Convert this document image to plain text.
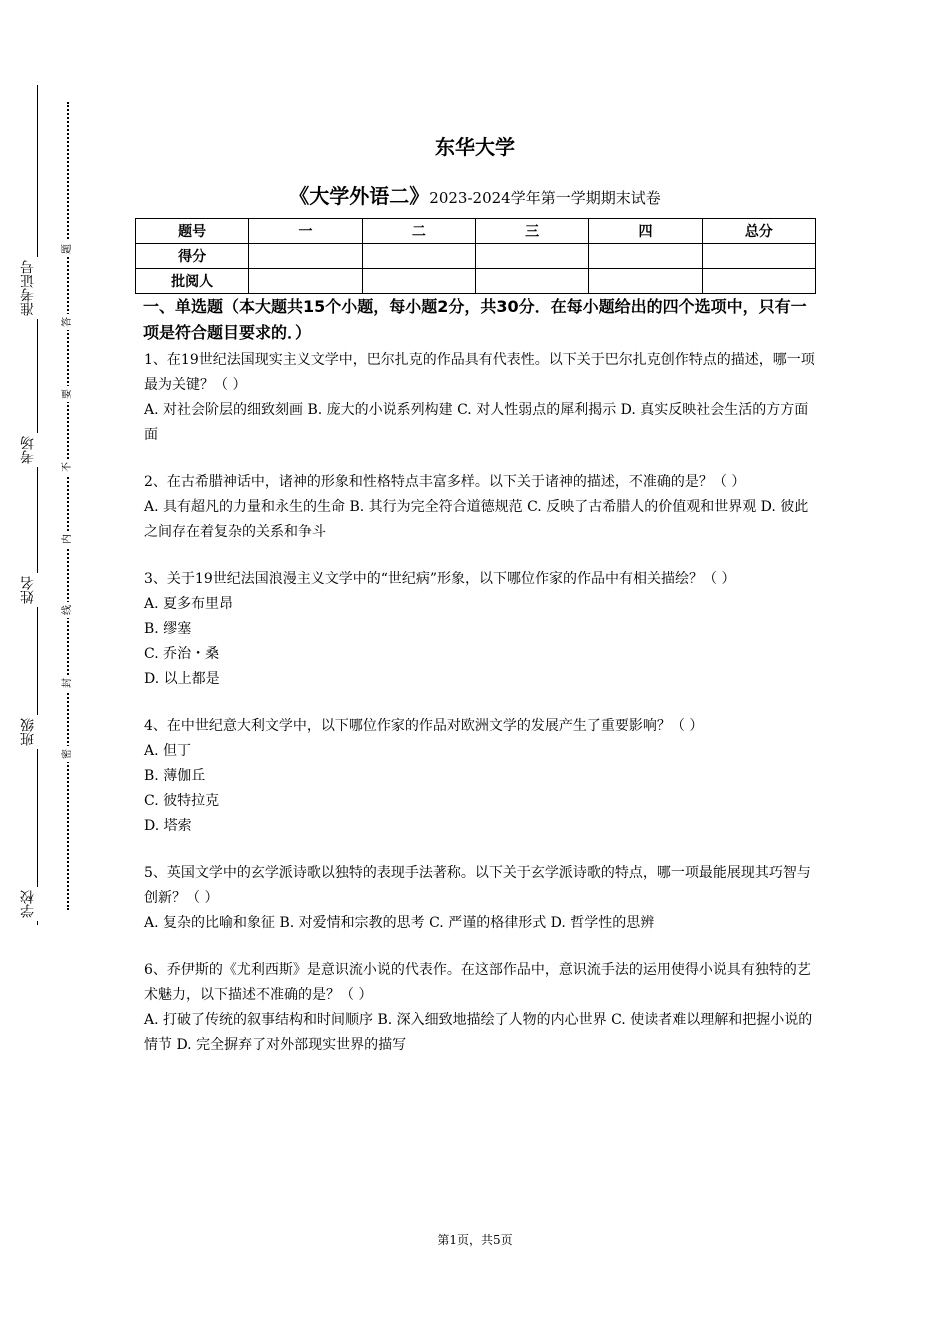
准考证号
考场
姓名
班级
学校
题
答
要
不
内
线
封
密
东华大学
《大学外语二》2023-2024学年第一学期期末试卷
题号	一	二	三	四	总分
得分					
批阅人					
一、单选题（本大题共15个小题，每小题2分，共30分．在每小题给出的四个选项中，只有一项是符合题目要求的．）
1、在19世纪法国现实主义文学中，巴尔扎克的作品具有代表性。以下关于巴尔扎克创作特点的描述，哪一项最为关键？（ ）
A. 对社会阶层的细致刻画 B. 庞大的小说系列构建 C. 对人性弱点的犀利揭示 D. 真实反映社会生活的方方面面
2、在古希腊神话中，诸神的形象和性格特点丰富多样。以下关于诸神的描述，不准确的是？（ ）
A. 具有超凡的力量和永生的生命 B. 其行为完全符合道德规范 C. 反映了古希腊人的价值观和世界观 D. 彼此之间存在着复杂的关系和争斗
3、关于19世纪法国浪漫主义文学中的“世纪病”形象，以下哪位作家的作品中有相关描绘？（ ）
A. 夏多布里昂
B. 缪塞
C. 乔治・桑
D. 以上都是
4、在中世纪意大利文学中，以下哪位作家的作品对欧洲文学的发展产生了重要影响？（ ）
A. 但丁
B. 薄伽丘
C. 彼特拉克
D. 塔索
5、英国文学中的玄学派诗歌以独特的表现手法著称。以下关于玄学派诗歌的特点，哪一项最能展现其巧智与创新？（ ）
A. 复杂的比喻和象征 B. 对爱情和宗教的思考 C. 严谨的格律形式 D. 哲学性的思辨
6、乔伊斯的《尤利西斯》是意识流小说的代表作。在这部作品中，意识流手法的运用使得小说具有独特的艺术魅力，以下描述不准确的是？（ ）
A. 打破了传统的叙事结构和时间顺序 B. 深入细致地描绘了人物的内心世界 C. 使读者难以理解和把握小说的情节 D. 完全摒弃了对外部现实世界的描写
第1页，共5页
